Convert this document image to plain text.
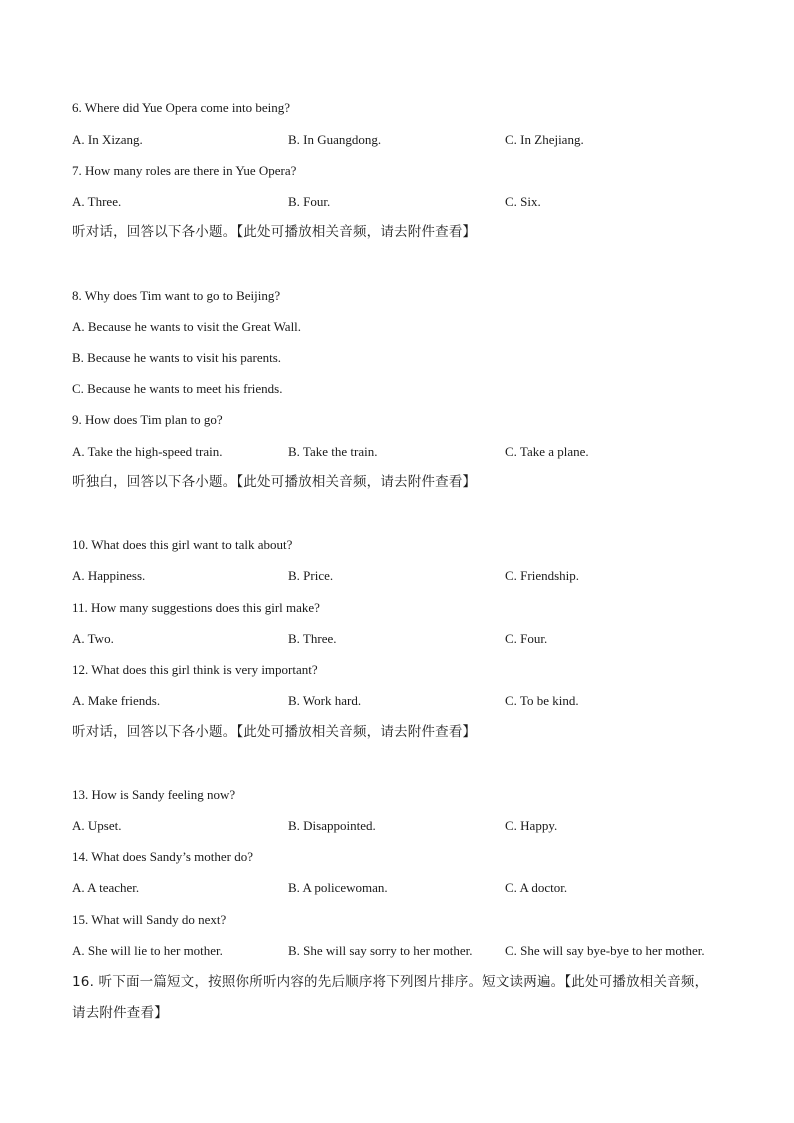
6. Where did Yue Opera come into being?
A. In Xizang.	B. In Guangdong.	C. In Zhejiang.
7. How many roles are there in Yue Opera?
A. Three.	B. Four.	C. Six.
听对话，回答以下各小题。【此处可播放相关音频，请去附件查看】
8. Why does Tim want to go to Beijing?
A. Because he wants to visit the Great Wall.
B. Because he wants to visit his parents.
C. Because he wants to meet his friends.
9. How does Tim plan to go?
A. Take the high-speed train.	B. Take the train.	C. Take a plane.
听独白，回答以下各小题。【此处可播放相关音频，请去附件查看】
10. What does this girl want to talk about?
A. Happiness.	B. Price.	C. Friendship.
11. How many suggestions does this girl make?
A. Two.	B. Three.	C. Four.
12. What does this girl think is very important?
A. Make friends.	B. Work hard.	C. To be kind.
听对话，回答以下各小题。【此处可播放相关音频，请去附件查看】
13. How is Sandy feeling now?
A. Upset.	B. Disappointed.	C. Happy.
14. What does Sandy’s mother do?
A. A teacher.	B. A policewoman.	C. A doctor.
15. What will Sandy do next?
A. She will lie to her mother.	B. She will say sorry to her mother. C. She will say bye-bye to her mother.
16. 听下面一篇短文，按照你所听内容的先后顺序将下列图片排序。短文读两遍。【此处可播放相关音频，
请去附件查看】
